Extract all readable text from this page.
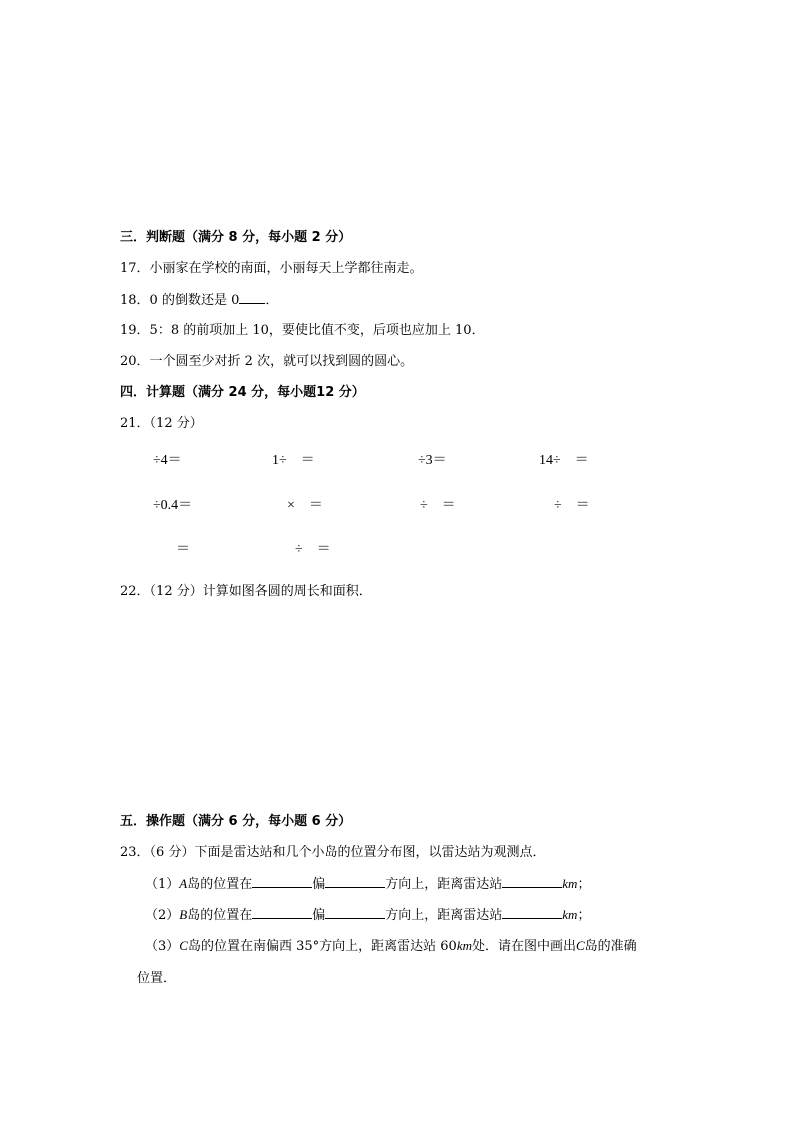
三．判断题（满分 8 分，每小题 2 分）
17．小丽家在学校的南面，小丽每天上学都往南走。
18．0 的倒数还是 0 ．
19．5：8 的前项加上 10，要使比值不变，后项也应加上 10．
20．一个圆至少对折 2 次，就可以找到圆的圆心。
四．计算题（满分 24 分，每小题12 分）
21．（12 分）
÷4＝	1÷　＝	÷3＝	14÷　＝
÷0.4＝	×　＝	÷　＝	÷　＝
＝	÷　＝
22．（12 分）计算如图各圆的周长和面积．
五．操作题（满分 6 分，每小题 6 分）
23．（6 分）下面是雷达站和几个小岛的位置分布图，以雷达站为观测点．
（1）A岛的位置在	偏	方向上，距离雷达站	km；
（2）B岛的位置在	偏	方向上，距离雷达站	km；
（3）C岛的位置在南偏西 35°方向上，距离雷达站 60km处．请在图中画出C岛的准确
位置．
